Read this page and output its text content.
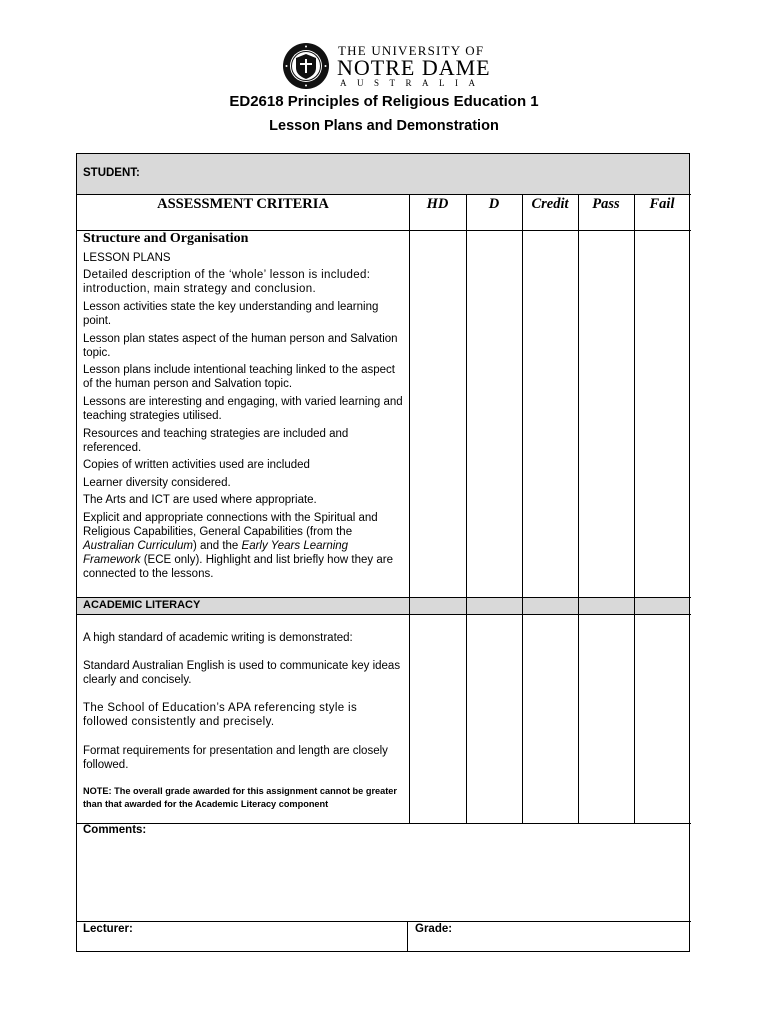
THE UNIVERSITY OF
NOTRE DAME
AUSTRALIA
ED2618 Principles of Religious Education 1
Lesson Plans and Demonstration
STUDENT:
ASSESSMENT CRITERIA	HD	D	Credit	Pass	Fail
Structure and Organisation
LESSON PLANS
Detailed description of the ‘whole’ lesson is included: introduction, main strategy and conclusion.
Lesson activities state the key understanding and learning point.
Lesson plan states aspect of the human person and Salvation topic.
Lesson plans include intentional teaching linked to the aspect of the human person and Salvation topic.
Lessons are interesting and engaging, with varied learning and teaching strategies utilised.
Resources and teaching strategies are included and referenced.
Copies of written activities used are included
Learner diversity considered.
The Arts and ICT are used where appropriate.
Explicit and appropriate connections with the Spiritual and Religious Capabilities, General Capabilities (from the Australian Curriculum) and the Early Years Learning Framework (ECE only). Highlight and list briefly how they are connected to the lessons.
ACADEMIC LITERACY
A high standard of academic writing is demonstrated:
Standard Australian English is used to communicate key ideas clearly and concisely.
The School of Education’s APA referencing style is followed consistently and precisely.
Format requirements for presentation and length are closely followed.
NOTE: The overall grade awarded for this assignment cannot be greater than that awarded for the Academic Literacy component
Comments:
Lecturer:	Grade:
